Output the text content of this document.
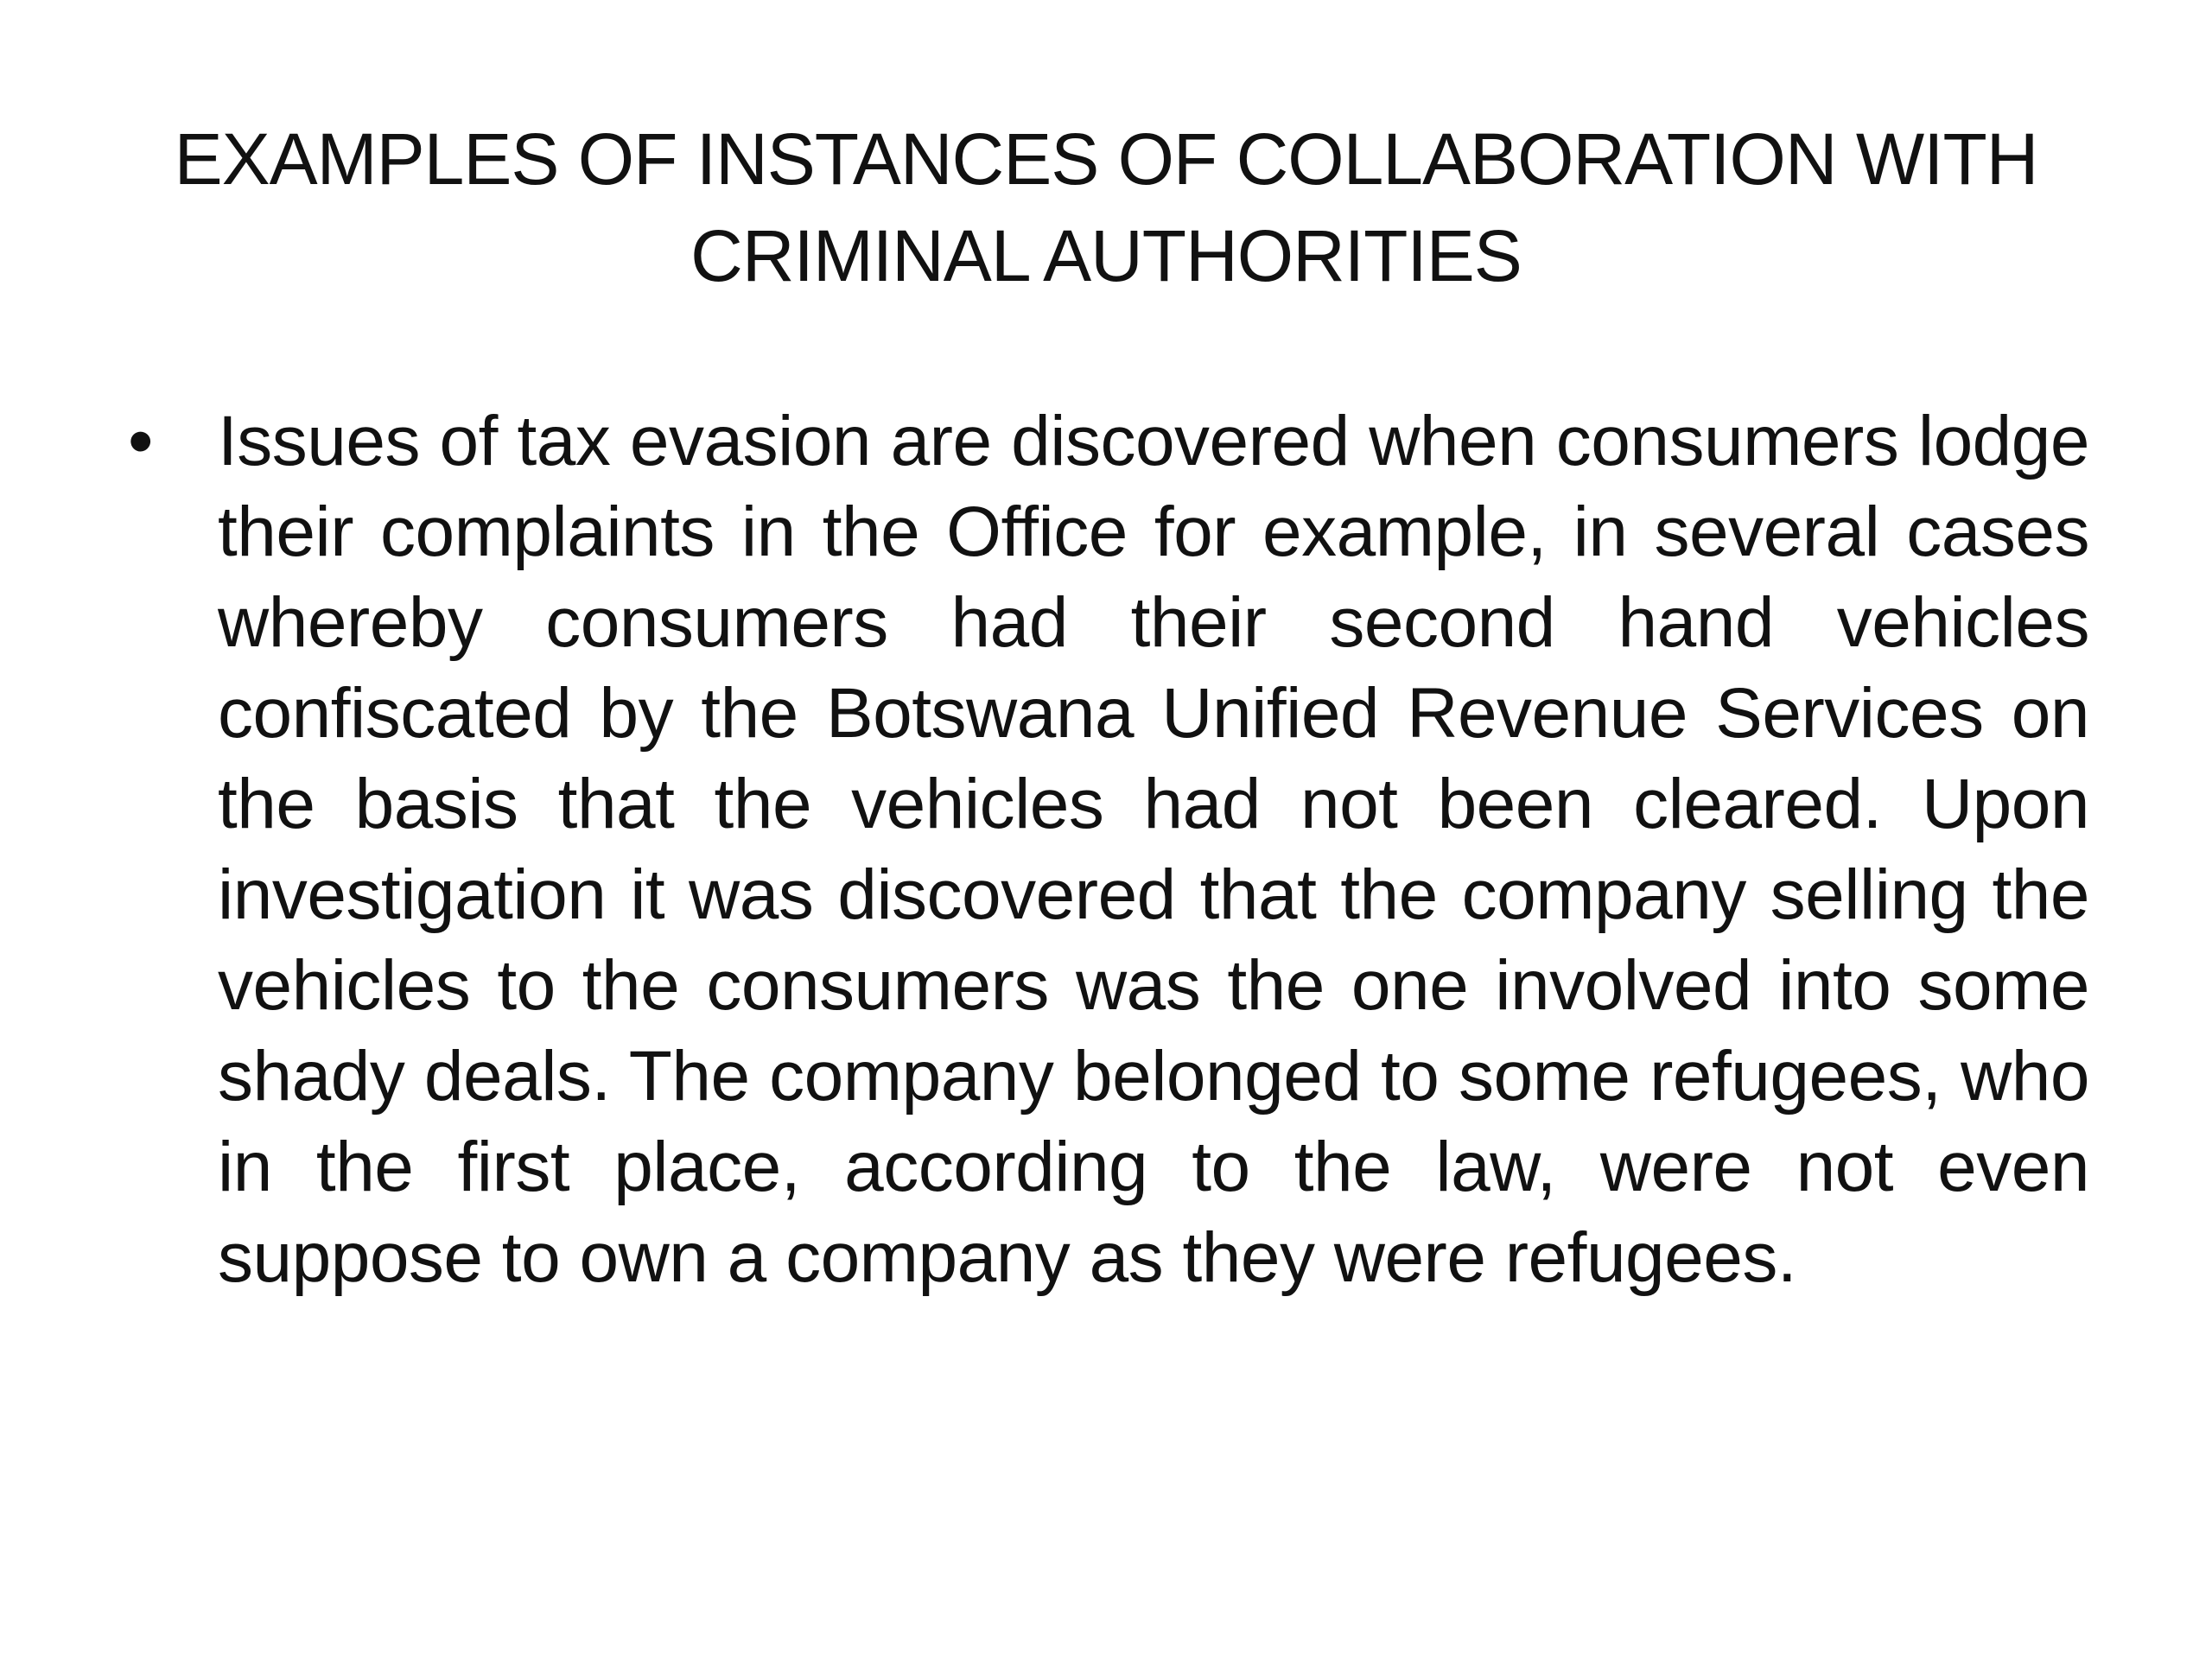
EXAMPLES OF INSTANCES OF COLLABORATION WITH
CRIMINAL AUTHORITIES
• Issues of tax evasion are discovered when consumers lodge their complaints in the Office for example, in several cases whereby consumers had their second hand vehicles confiscated by the Botswana Unified Revenue Services on the basis that the vehicles had not been cleared. Upon investigation it was discovered that the company selling the vehicles to the consumers was the one involved into some shady deals. The company belonged to some refugees, who in the first place, according to the law, were not even suppose to own a company as they were refugees.
